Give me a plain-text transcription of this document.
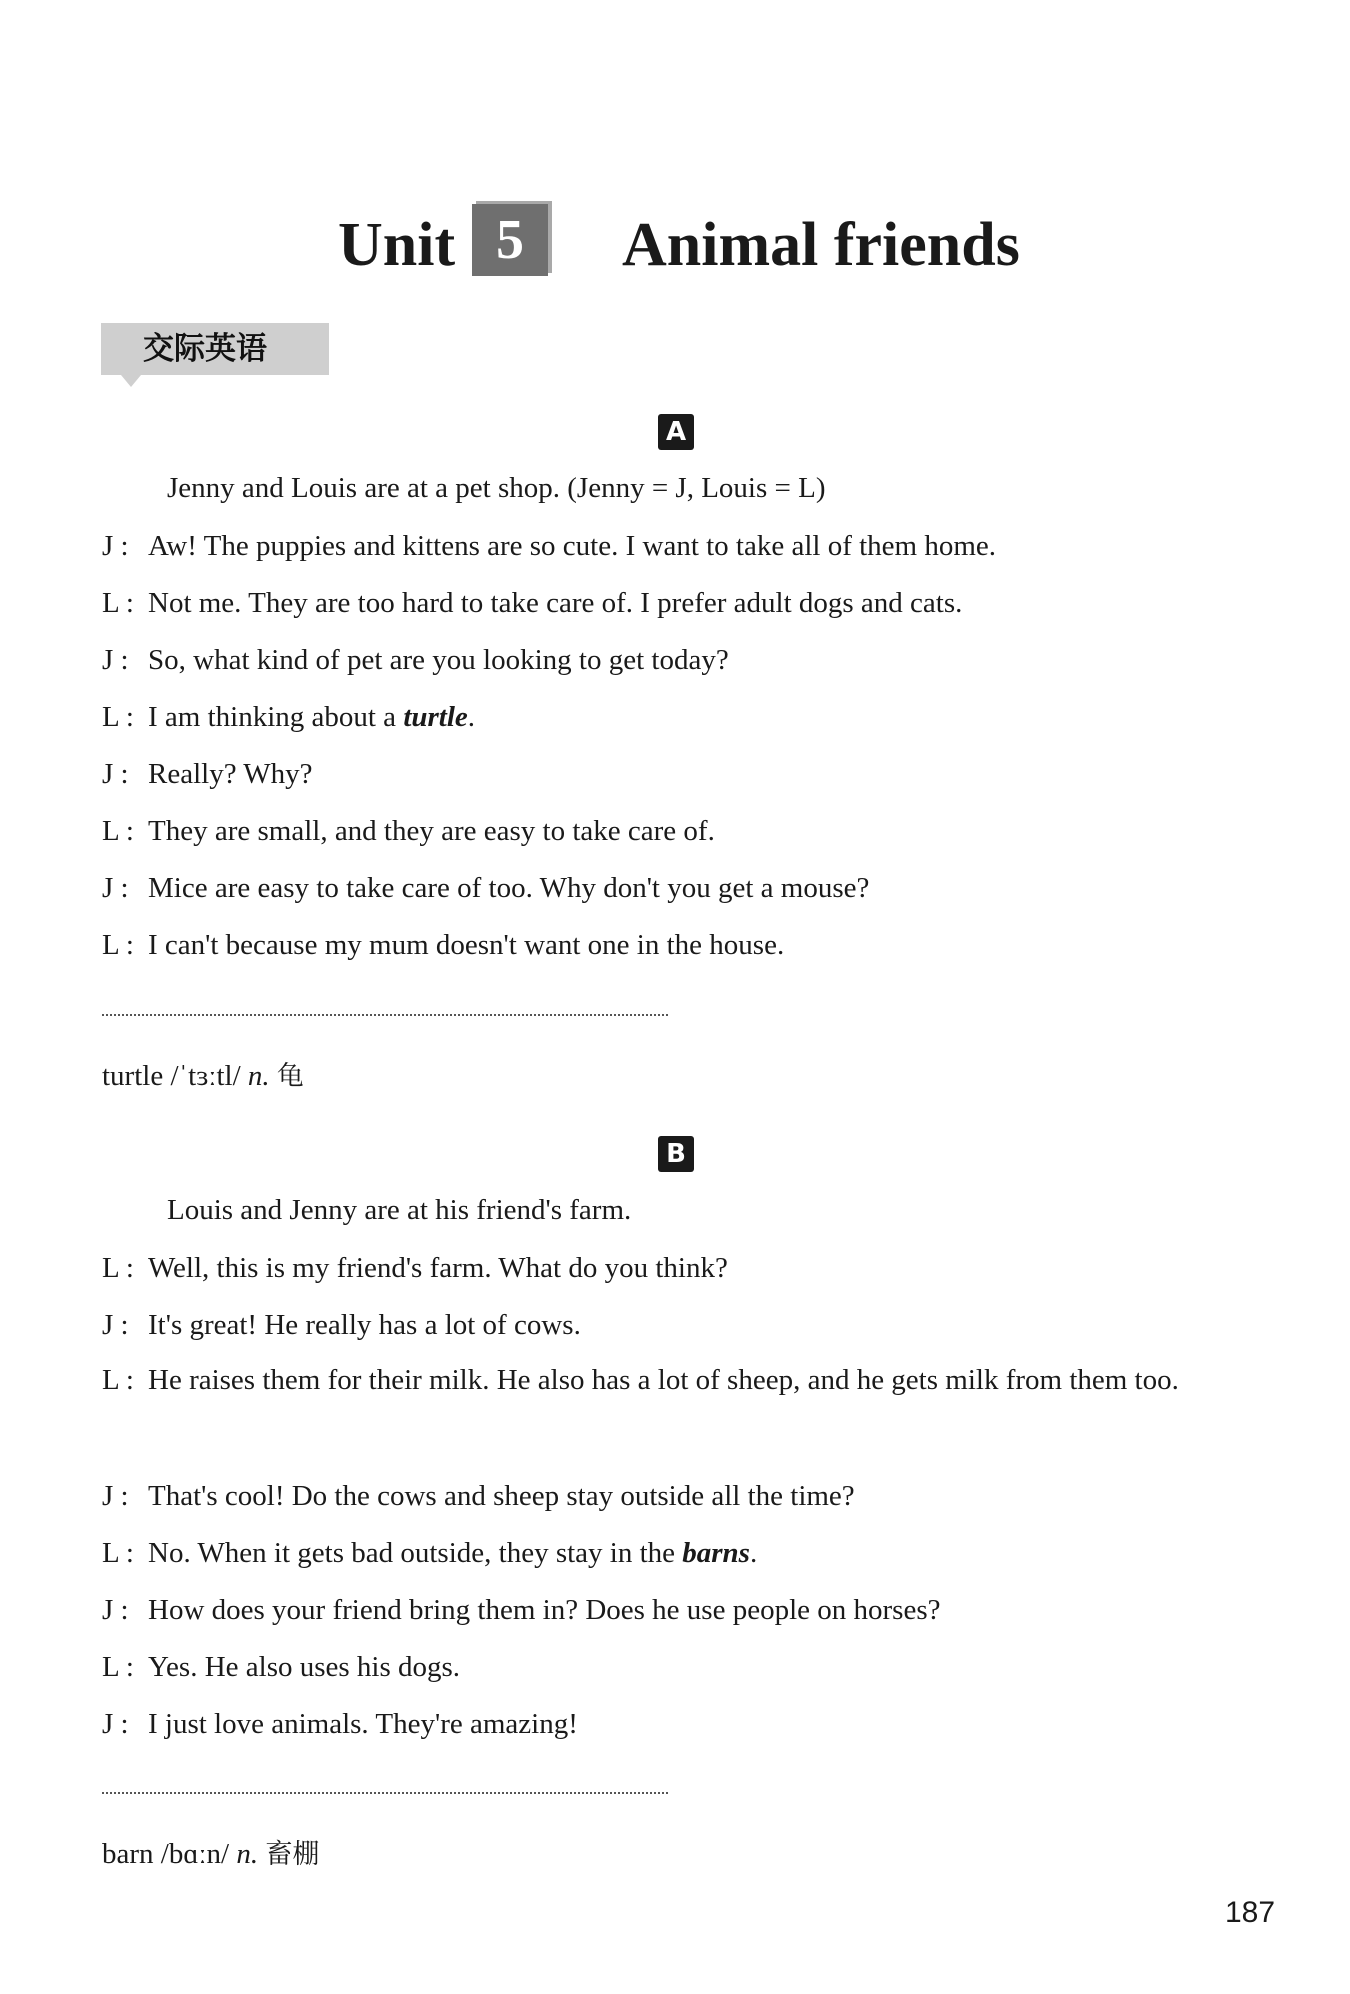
Unit 5	Animal friends
交际英语
A
Jenny and Louis are at a pet shop. (Jenny = J, Louis = L)
J : Aw! The puppies and kittens are so cute. I want to take all of them home.
L : Not me. They are too hard to take care of. I prefer adult dogs and cats.
J : So, what kind of pet are you looking to get today?
L : I am thinking about a turtle.
J : Really? Why?
L : They are small, and they are easy to take care of.
J : Mice are easy to take care of too. Why don't you get a mouse?
L : I can't because my mum doesn't want one in the house.
turtle /ˈtɜːtl/ n. 龟
B
Louis and Jenny are at his friend's farm.
L : Well, this is my friend's farm. What do you think?
J : It's great! He really has a lot of cows.
L : He raises them for their milk. He also has a lot of sheep, and he gets milk from them too.
J : That's cool! Do the cows and sheep stay outside all the time?
L : No. When it gets bad outside, they stay in the barns.
J : How does your friend bring them in? Does he use people on horses?
L : Yes. He also uses his dogs.
J : I just love animals. They're amazing!
barn /bɑːn/ n. 畜棚
187
